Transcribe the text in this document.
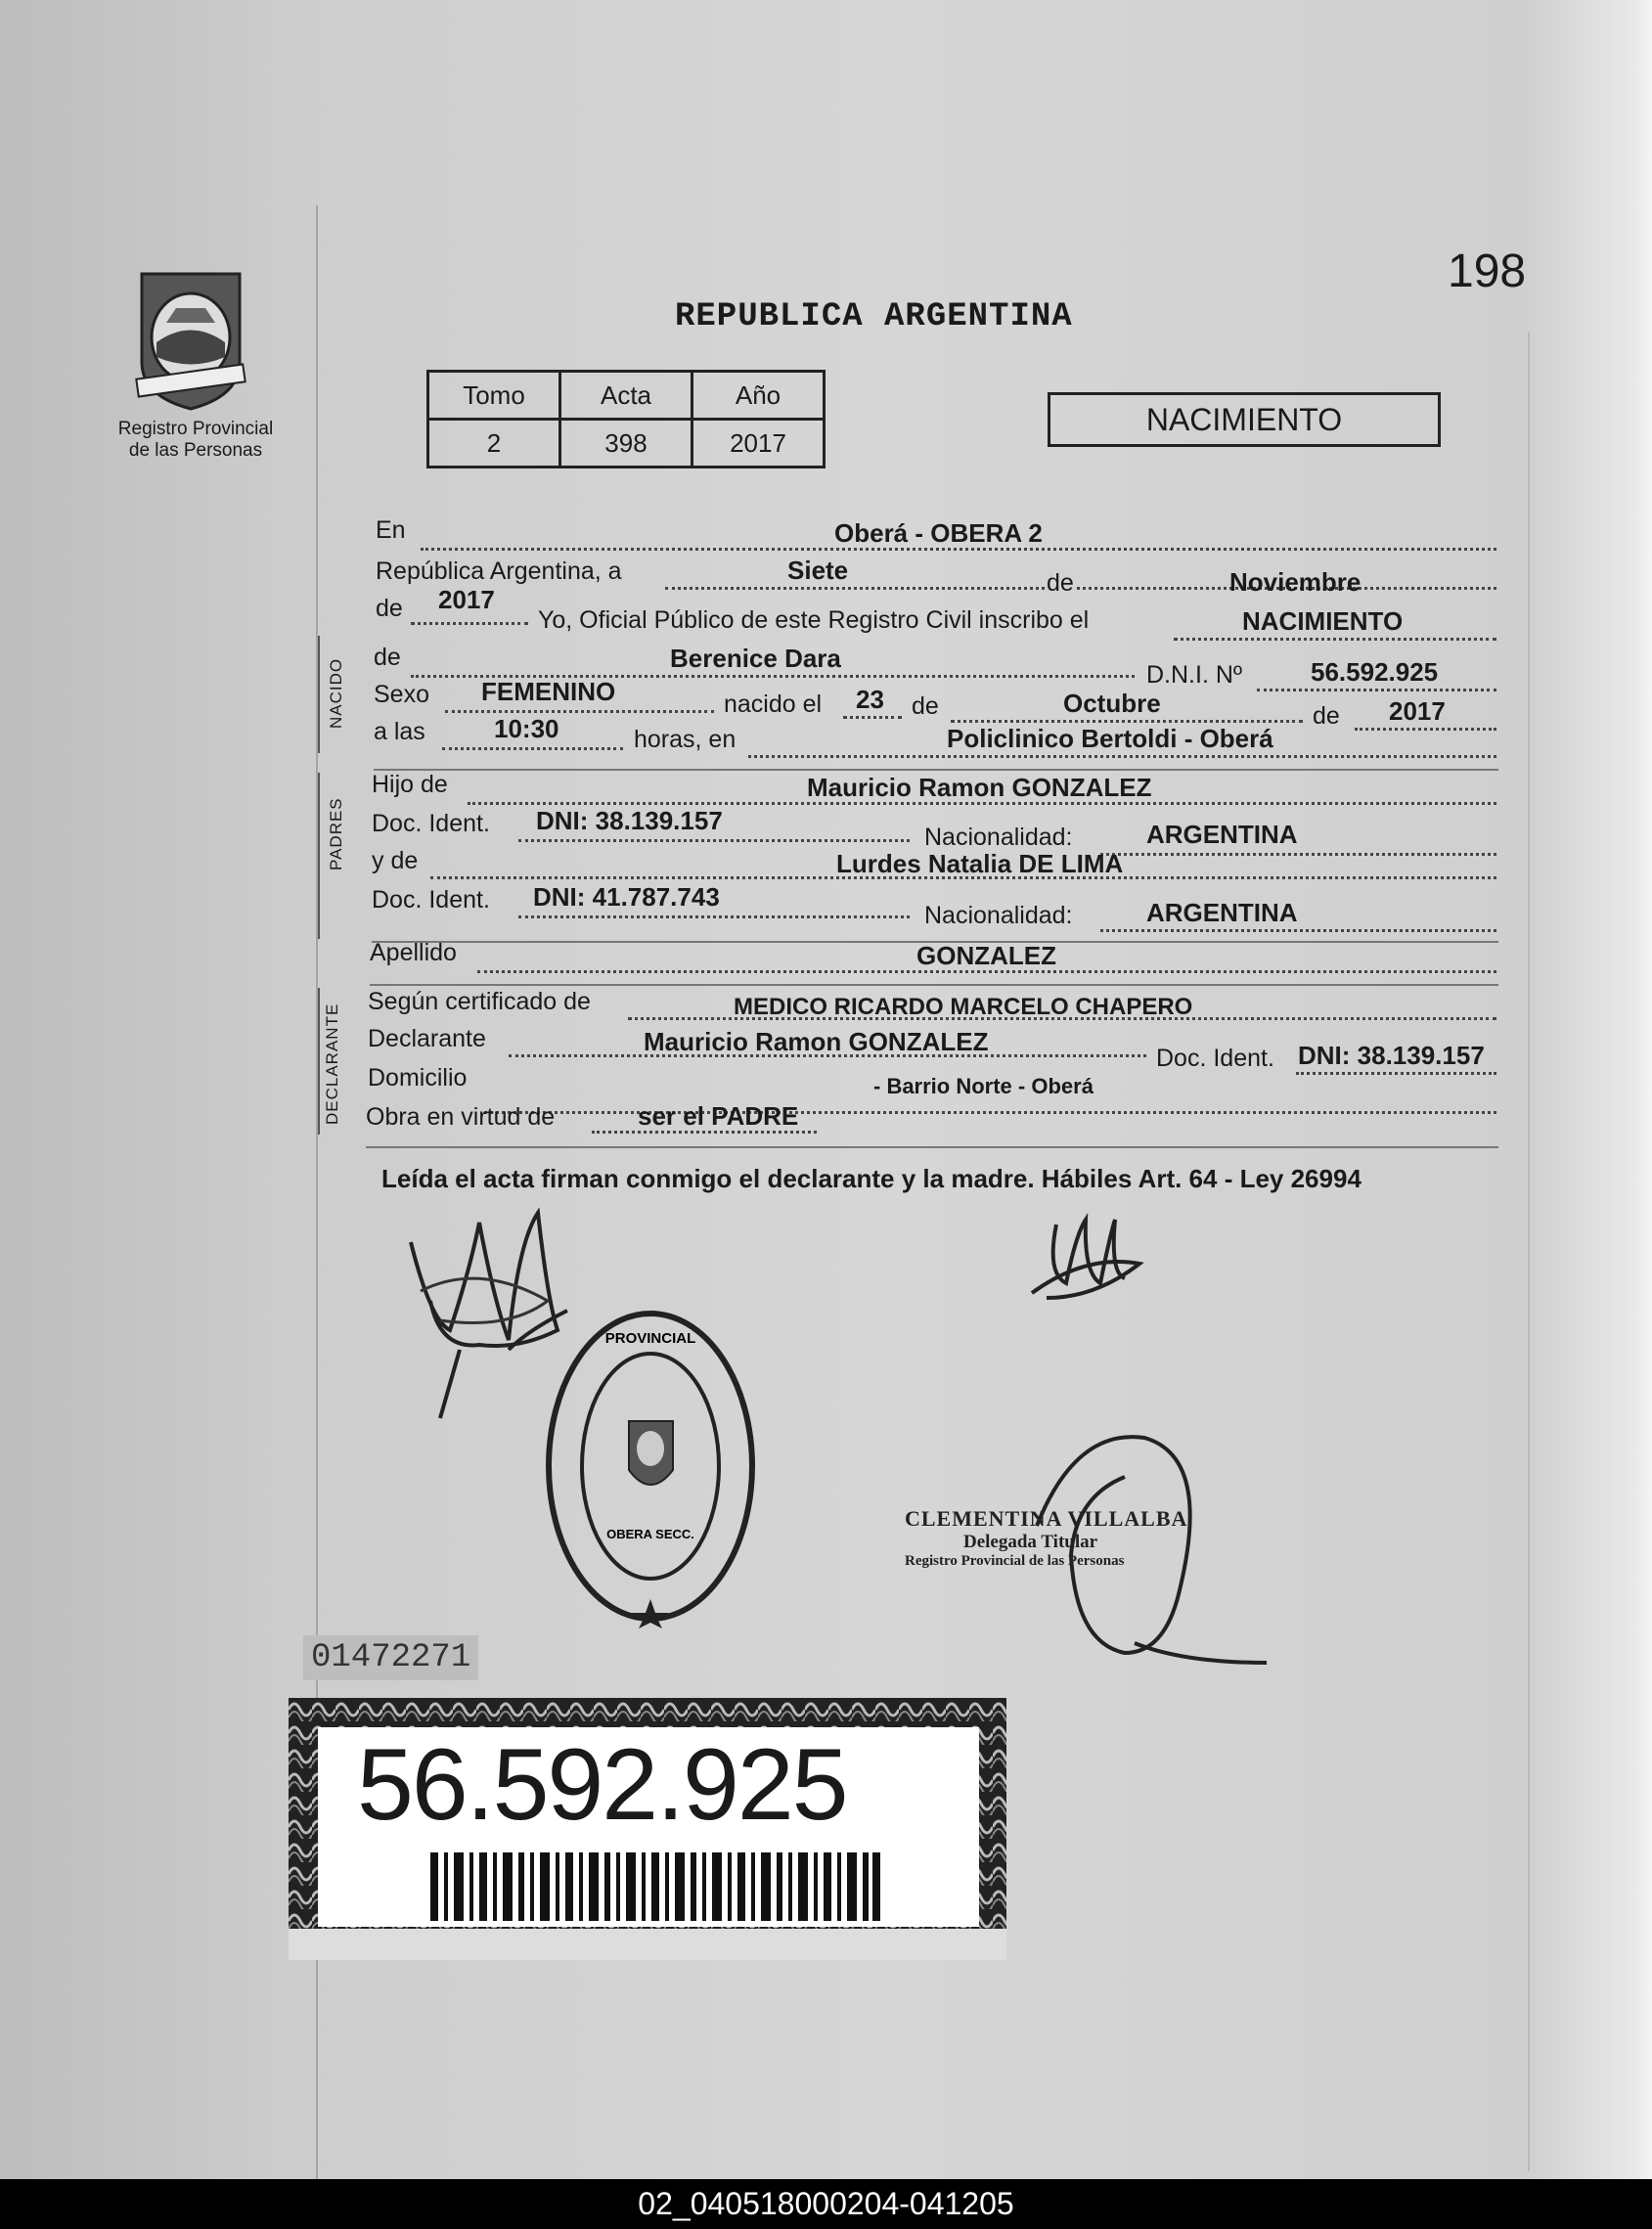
Registro Provincial
de las Personas
198
REPUBLICA ARGENTINA
Tomo	Acta	Año
2	398	2017
NACIMIENTO
En	Oberá - OBERA 2
República Argentina, a	Siete	de	Noviembre
de 2017
Yo, Oficial Público de este Registro Civil inscribo el	NACIMIENTO
NACIDO
de	Berenice Dara
D.N.I. Nº	56.592.925
Sexo FEMENINO	nacido el 23 de	Octubre	de 2017
a las	10:30	horas, en	Policlinico Bertoldi - Oberá
PADRES
Hijo de	Mauricio Ramon GONZALEZ
Doc. Ident. DNI: 38.139.157
Nacionalidad:	ARGENTINA
y de	Lurdes Natalia DE LIMA
Doc. Ident. DNI: 41.787.743
Nacionalidad:	ARGENTINA
Apellido	GONZALEZ
DECLARANTE
Según certificado de	MEDICO RICARDO MARCELO CHAPERO
Declarante	Mauricio Ramon GONZALEZ
Doc. Ident. DNI: 38.139.157
Domicilio	- Barrio Norte - Oberá
Obra en virtud de	ser el PADRE
Leída el acta firman conmigo el declarante y la madre. Hábiles Art. 64 - Ley 26994
PROVINCIAL
OBERA SECC.
CLEMENTINA VILLALBA
Delegada Titular
Registro Provincial de las Personas
01472271
56.592.925
02_040518000204-041205
